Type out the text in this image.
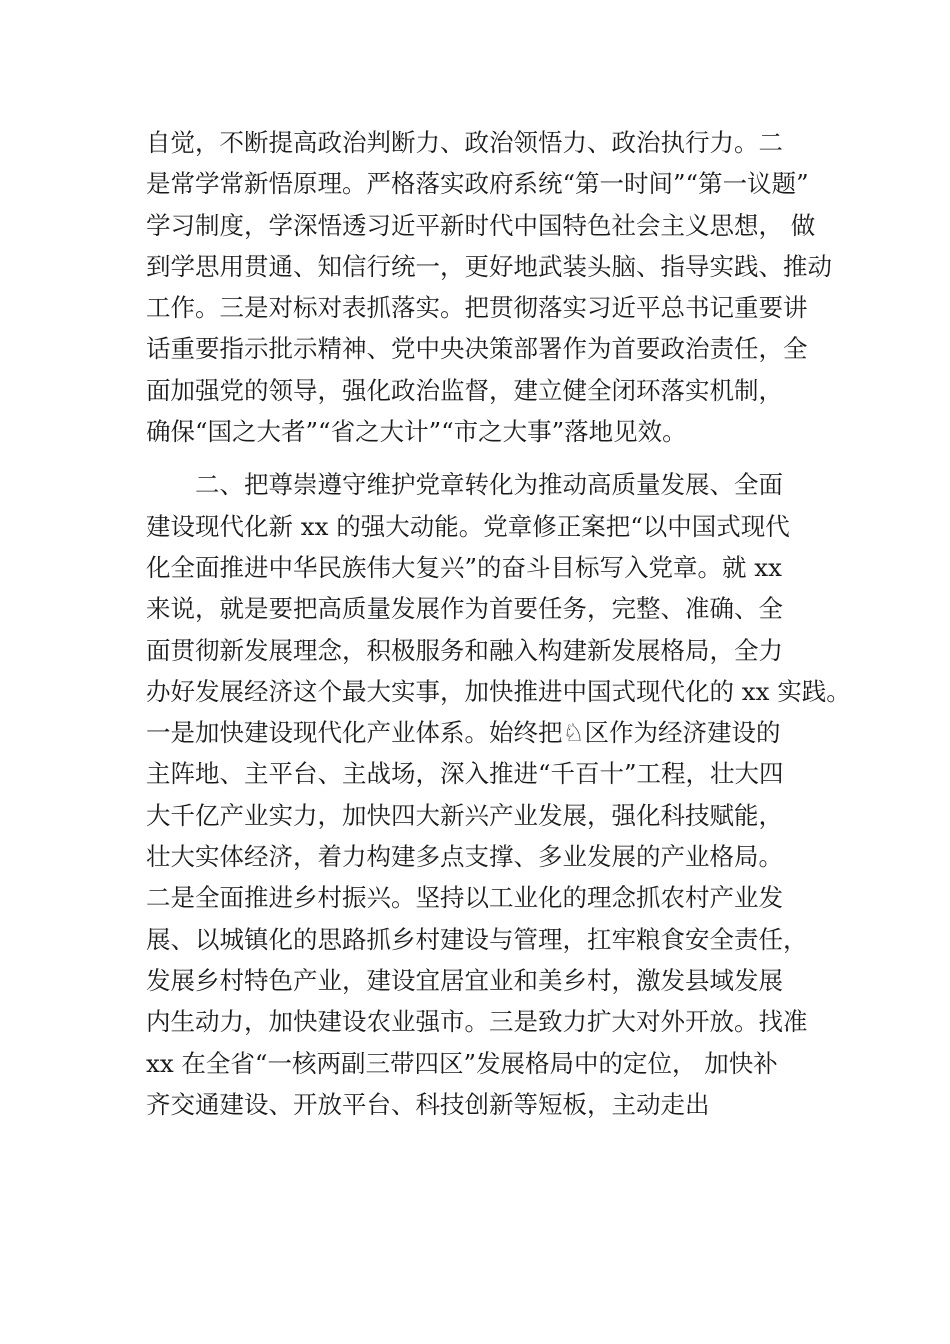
自觉，不断提高政治判断力、政治领悟力、政治执行力。二
是常学常新悟原理。严格落实政府系统“第一时间”“第一议题”
学习制度，学深悟透习近平新时代中国特色社会主义思想， 做
到学思用贯通、知信行统一，更好地武装头脑、指导实践、推动
工作。三是对标对表抓落实。把贯彻落实习近平总书记重要讲
话重要指示批示精神、党中央决策部署作为首要政治责任，全
面加强党的领导，强化政治监督，建立健全闭环落实机制，
确保“国之大者”“省之大计”“市之大事”落地见效。
二、把尊崇遵守维护党章转化为推动高质量发展、全面
建设现代化新 xx 的强大动能。党章修正案把“以中国式现代
化全面推进中华民族伟大复兴”的奋斗目标写入党章。就 xx
来说，就是要把高质量发展作为首要任务，完整、准确、全
面贯彻新发展理念，积极服务和融入构建新发展格局，全力
办好发展经济这个最大实事，加快推进中国式现代化的 xx 实践。
一是加快建设现代化产业体系。始终把♘区作为经济建设的
主阵地、主平台、主战场，深入推进“千百十”工程，壮大四
大千亿产业实力，加快四大新兴产业发展，强化科技赋能，
壮大实体经济，着力构建多点支撑、多业发展的产业格局。
二是全面推进乡村振兴。坚持以工业化的理念抓农村产业发
展、以城镇化的思路抓乡村建设与管理，扛牢粮食安全责任，
发展乡村特色产业，建设宜居宜业和美乡村，激发县域发展
内生动力，加快建设农业强市。三是致力扩大对外开放。找准
xx 在全省“一核两副三带四区”发展格局中的定位， 加快补
齐交通建设、开放平台、科技创新等短板，主动走出
